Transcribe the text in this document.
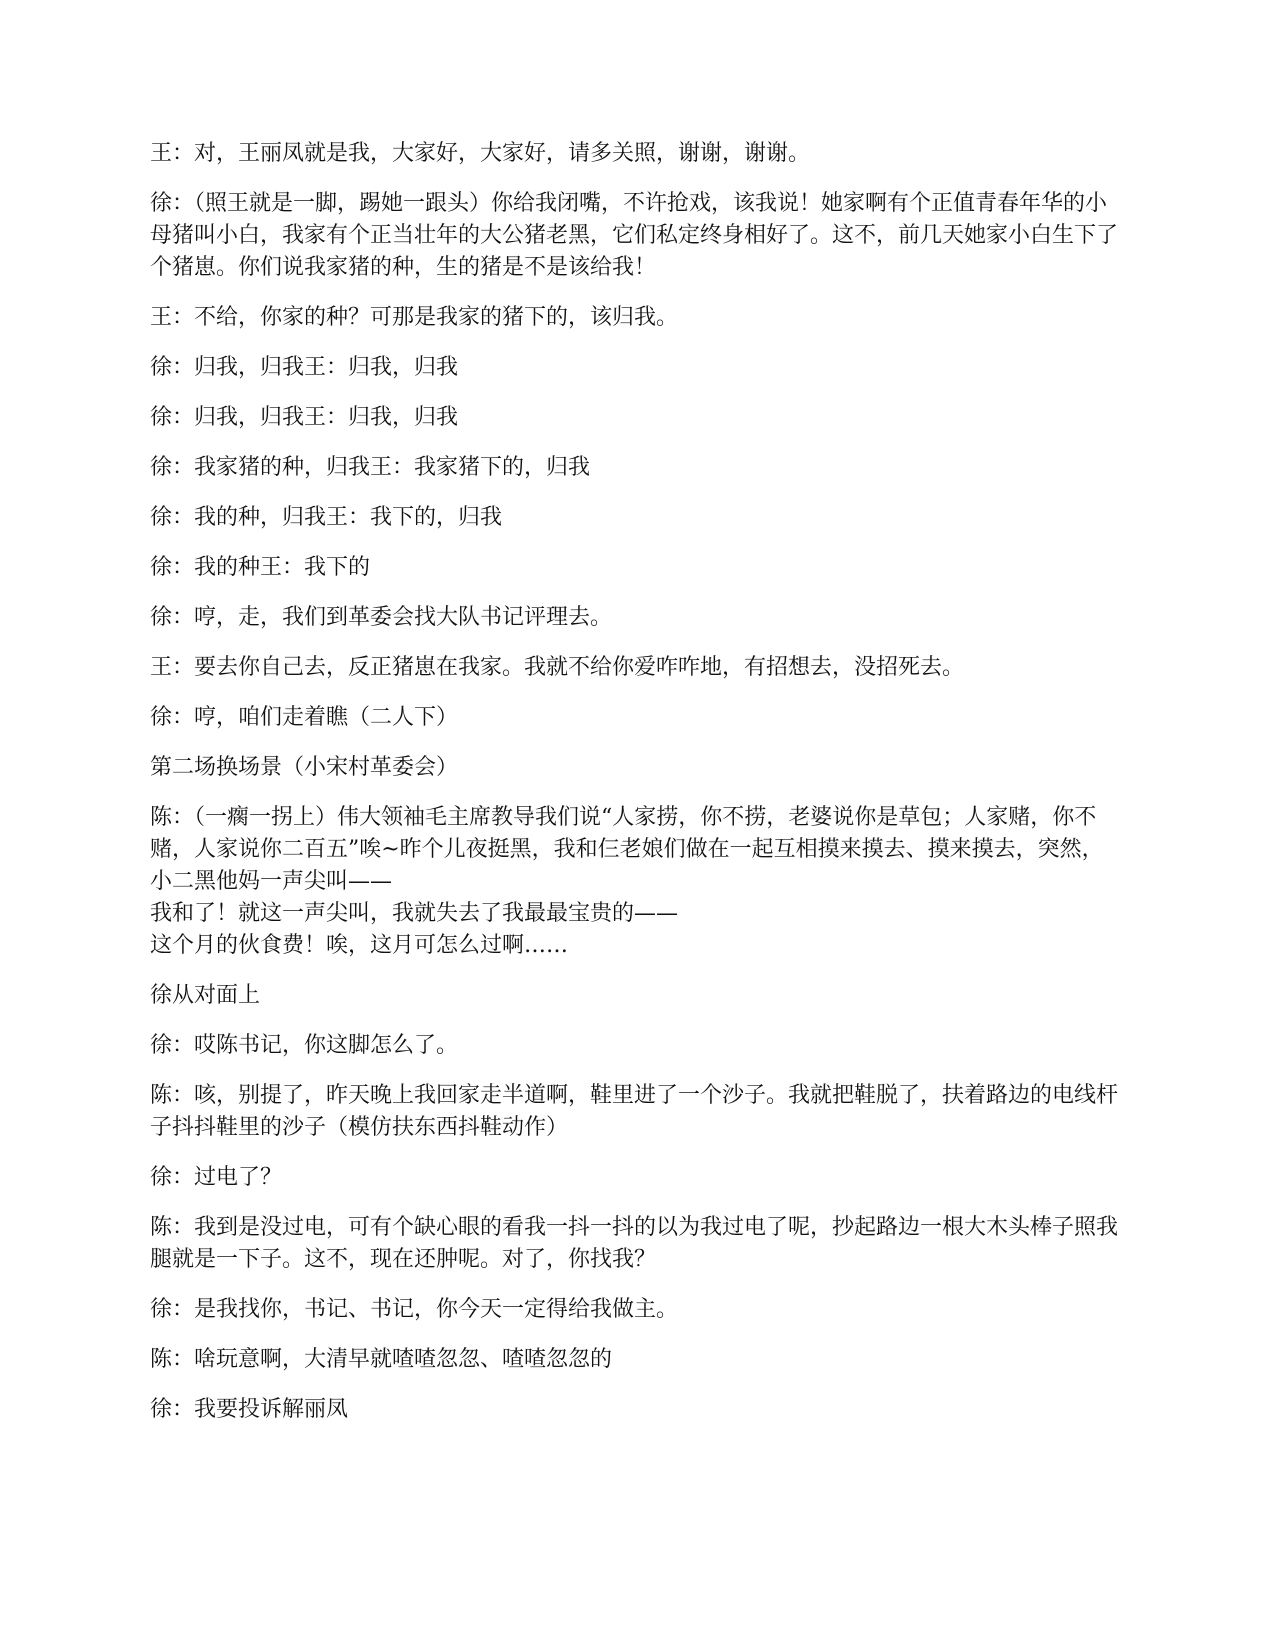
王：对，王丽凤就是我，大家好，大家好，请多关照，谢谢，谢谢。

徐：（照王就是一脚，踢她一跟头）你给我闭嘴，不许抢戏，该我说！她家啊有个正值青春年华的小母猪叫小白，我家有个正当壮年的大公猪老黑，它们私定终身相好了。这不，前几天她家小白生下了个猪崽。你们说我家猪的种，生的猪是不是该给我！

王：不给，你家的种？可那是我家的猪下的，该归我。

徐：归我，归我王：归我，归我

徐：归我，归我王：归我，归我

徐：我家猪的种，归我王：我家猪下的，归我

徐：我的种，归我王：我下的，归我

徐：我的种王：我下的

徐：哼，走，我们到革委会找大队书记评理去。

王：要去你自己去，反正猪崽在我家。我就不给你爱咋咋地，有招想去，没招死去。

徐：哼，咱们走着瞧（二人下）

第二场换场景（小宋村革委会）

陈：（一瘸一拐上）伟大领袖毛主席教导我们说“人家捞，你不捞，老婆说你是草包；人家赌，你不赌，人家说你二百五”唉~昨个儿夜挺黑，我和仨老娘们做在一起互相摸来摸去、摸来摸去，突然，小二黑他妈一声尖叫——
我和了！就这一声尖叫，我就失去了我最最宝贵的——
这个月的伙食费！唉，这月可怎么过啊……

徐从对面上

徐：哎陈书记，你这脚怎么了。

陈：咳，别提了，昨天晚上我回家走半道啊，鞋里进了一个沙子。我就把鞋脱了，扶着路边的电线杆子抖抖鞋里的沙子（模仿扶东西抖鞋动作）

徐：过电了？

陈：我到是没过电，可有个缺心眼的看我一抖一抖的以为我过电了呢，抄起路边一根大木头棒子照我腿就是一下子。这不，现在还肿呢。对了，你找我？

徐：是我找你，书记、书记，你今天一定得给我做主。

陈：啥玩意啊，大清早就喳喳忽忽、喳喳忽忽的

徐：我要投诉解丽凤
